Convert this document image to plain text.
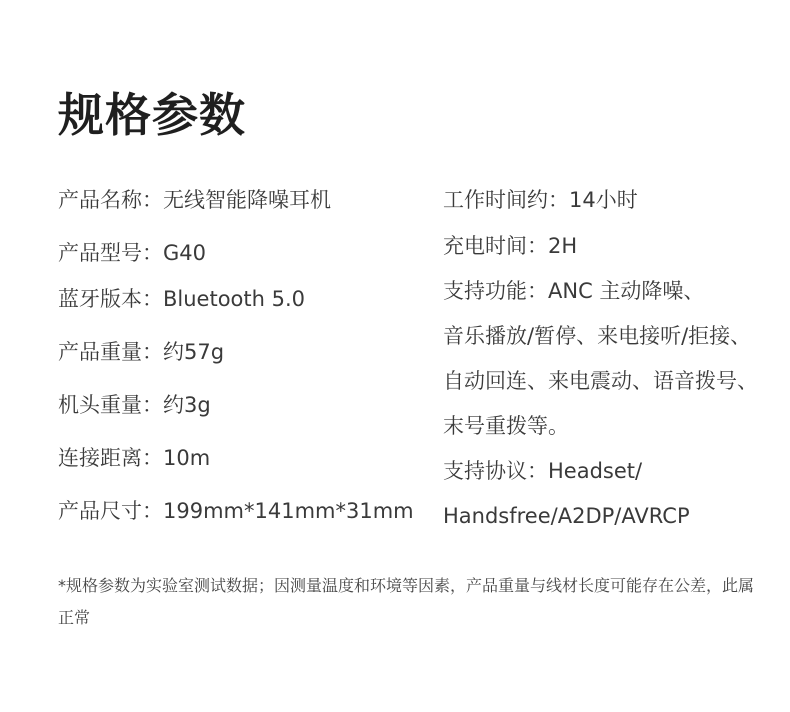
规格参数
产品名称：无线智能降噪耳机
产品型号：G40
蓝牙版本：Bluetooth 5.0
产品重量：约57g
机头重量：约3g
连接距离：10m
产品尺寸：199mm*141mm*31mm
工作时间约：14小时
充电时间：2H
支持功能：ANC 主动降噪、
音乐播放/暂停、来电接听/拒接、
自动回连、来电震动、语音拨号、
末号重拨等。
支持协议：Headset/
Handsfree/A2DP/AVRCP

*规格参数为实验室测试数据；因测量温度和环境等因素，产品重量与线材长度可能存在公差，此属正常
